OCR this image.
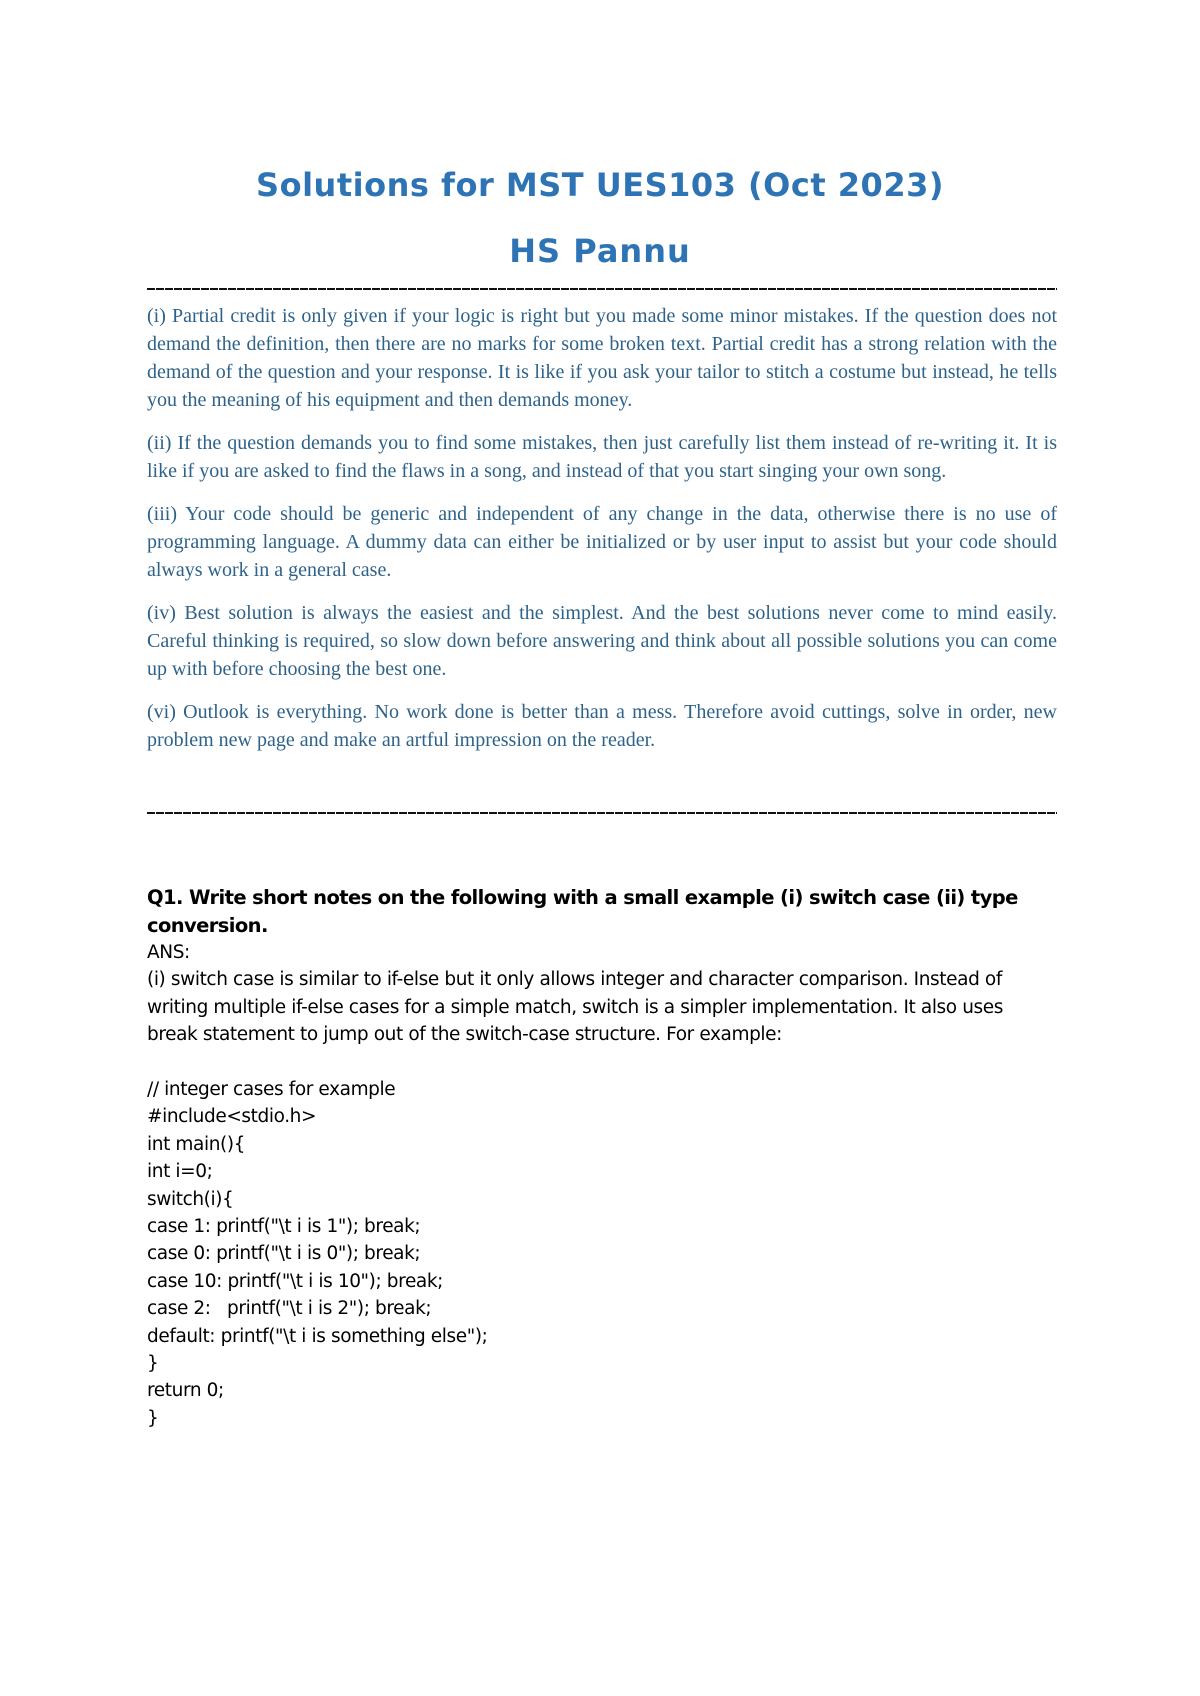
Solutions for MST UES103 (Oct 2023)
HS Pannu

(i) Partial credit is only given if your logic is right but you made some minor mistakes. If the question does not demand the definition, then there are no marks for some broken text. Partial credit has a strong relation with the demand of the question and your response. It is like if you ask your tailor to stitch a costume but instead, he tells you the meaning of his equipment and then demands money.

(ii) If the question demands you to find some mistakes, then just carefully list them instead of re-writing it. It is like if you are asked to find the flaws in a song, and instead of that you start singing your own song.

(iii) Your code should be generic and independent of any change in the data, otherwise there is no use of programming language. A dummy data can either be initialized or by user input to assist but your code should always work in a general case.

(iv) Best solution is always the easiest and the simplest. And the best solutions never come to mind easily. Careful thinking is required, so slow down before answering and think about all possible solutions you can come up with before choosing the best one.

(vi) Outlook is everything. No work done is better than a mess. Therefore avoid cuttings, solve in order, new problem new page and make an artful impression on the reader.

Q1. Write short notes on the following with a small example (i) switch case (ii) type conversion.

ANS:
(i) switch case is similar to if-else but it only allows integer and character comparison. Instead of
writing multiple if-else cases for a simple match, switch is a simpler implementation. It also uses
break statement to jump out of the switch-case structure. For example:
// integer cases for example
#include<stdio.h>
int main(){
int i=0;
switch(i){
case 1: printf("\t i is 1"); break;
case 0: printf("\t i is 0"); break;
case 10: printf("\t i is 10"); break;
case 2:   printf("\t i is 2"); break;
default: printf("\t i is something else");
}
return 0;
}
